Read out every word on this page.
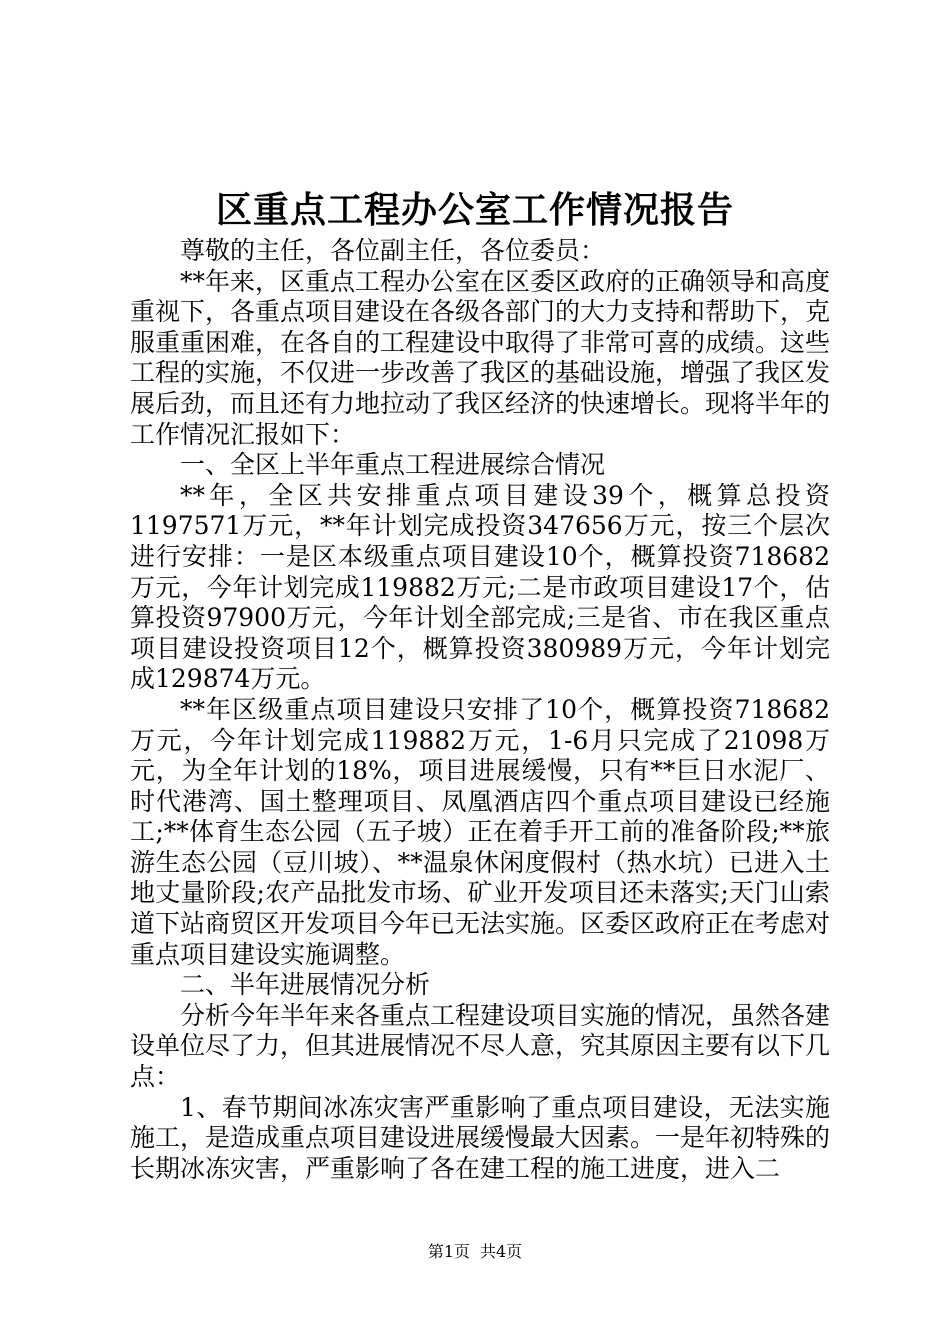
区重点工程办公室工作情况报告

尊敬的主任，各位副主任，各位委员：

**年来，区重点工程办公室在区委区政府的正确领导和高度重视下，各重点项目建设在各级各部门的大力支持和帮助下，克服重重困难，在各自的工程建设中取得了非常可喜的成绩。这些工程的实施，不仅进一步改善了我区的基础设施，增强了我区发展后劲，而且还有力地拉动了我区经济的快速增长。现将半年的工作情况汇报如下：

一、全区上半年重点工程进展综合情况

**年，全区共安排重点项目建设39个，概算总投资1197571万元，**年计划完成投资347656万元，按三个层次进行安排：一是区本级重点项目建设10个，概算投资718682万元，今年计划完成119882万元;二是市政项目建设17个，估算投资97900万元，今年计划全部完成;三是省、市在我区重点项目建设投资项目12个，概算投资380989万元，今年计划完成129874万元。

**年区级重点项目建设只安排了10个，概算投资718682万元，今年计划完成119882万元，1-6月只完成了21098万元，为全年计划的18%，项目进展缓慢，只有**巨日水泥厂、时代港湾、国土整理项目、凤凰酒店四个重点项目建设已经施工;**体育生态公园（五子坡）正在着手开工前的准备阶段;**旅游生态公园（豆川坡）、**温泉休闲度假村（热水坑）已进入土地丈量阶段;农产品批发市场、矿业开发项目还未落实;天门山索道下站商贸区开发项目今年已无法实施。区委区政府正在考虑对重点项目建设实施调整。

二、半年进展情况分析

分析今年半年来各重点工程建设项目实施的情况，虽然各建设单位尽了力，但其进展情况不尽人意，究其原因主要有以下几点：

1、春节期间冰冻灾害严重影响了重点项目建设，无法实施施工，是造成重点项目建设进展缓慢最大因素。一是年初特殊的长期冰冻灾害，严重影响了各在建工程的施工进度，进入二

第1页 共4页
